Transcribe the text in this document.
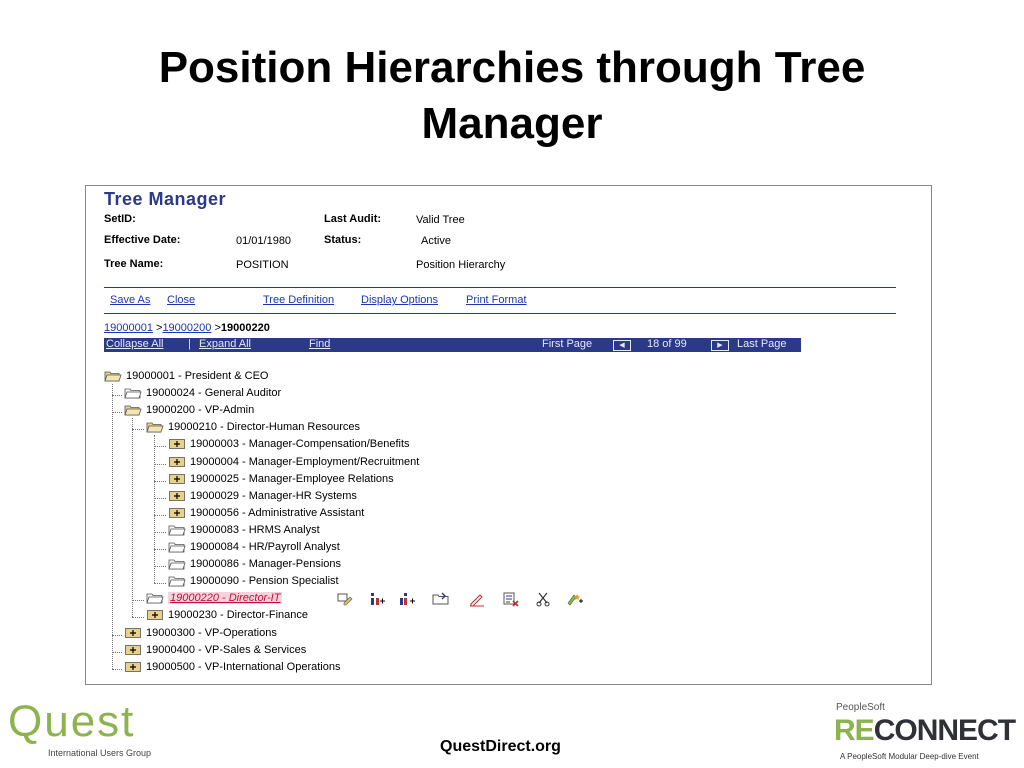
Position Hierarchies through Tree
Manager
Tree Manager
SetID:	Last Audit:	Valid Tree
Effective Date:	01/01/1980	Status:	Active
Tree Name:	POSITION	Position Hierarchy
Save As Close	Tree Definition Display Options	Print Format
19000001 >19000200 >19000220
Collapse All | Expand All	Find	First Page	◀	18 of 99	▶	Last Page
19000001 - President & CEO
19000024 - General Auditor
19000200 - VP-Admin
19000210 - Director-Human Resources
19000003 - Manager-Compensation/Benefits
19000004 - Manager-Employment/Recruitment
19000025 - Manager-Employee Relations
19000029 - Manager-HR Systems
19000056 - Administrative Assistant
19000083 - HRMS Analyst
19000084 - HR/Payroll Analyst
19000086 - Manager-Pensions
19000090 - Pension Specialist
19000220 - Director-IT
19000230 - Director-Finance
19000300 - VP-Operations
19000400 - VP-Sales & Services
19000500 - VP-International Operations
Quest
International Users Group	QuestDirect.org
PeopleSoft
RECONNECT
A PeopleSoft Modular Deep-dive Event
